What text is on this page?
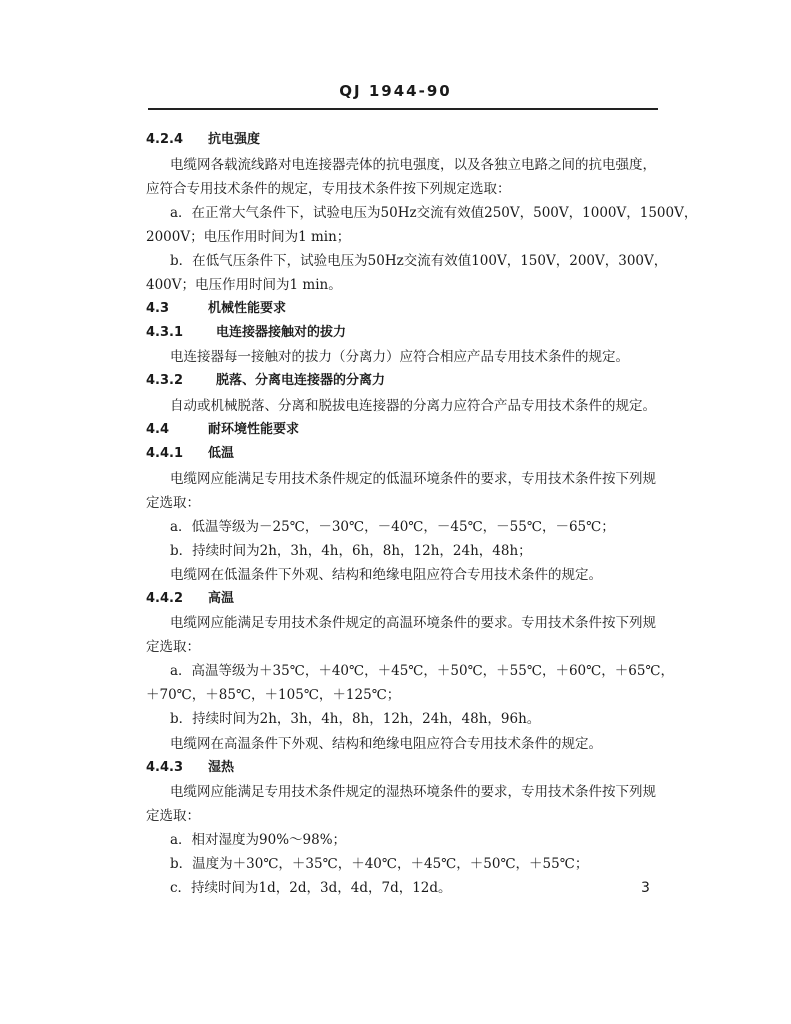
QJ 1944-90
4.2.4 抗电强度
电缆网各载流线路对电连接器壳体的抗电强度，以及各独立电路之间的抗电强度，
应符合专用技术条件的规定，专用技术条件按下列规定选取：
a．在正常大气条件下，试验电压为50Hz交流有效值250V，500V，1000V，1500V，
2000V；电压作用时间为1 min；
b．在低气压条件下，试验电压为50Hz交流有效值100V，150V，200V，300V，
400V；电压作用时间为1 min。
4.3	机械性能要求
4.3.1	电连接器接触对的拔力
电连接器每一接触对的拔力（分离力）应符合相应产品专用技术条件的规定。
4.3.2	脱落、分离电连接器的分离力
自动或机械脱落、分离和脱拔电连接器的分离力应符合产品专用技术条件的规定。
4.4	耐环境性能要求
4.4.1 低温
电缆网应能满足专用技术条件规定的低温环境条件的要求，专用技术条件按下列规
定选取：
a．低温等级为－25℃，－30℃，－40℃，－45℃，－55℃，－65℃；
b．持续时间为2h，3h，4h，6h，8h，12h，24h，48h；
电缆网在低温条件下外观、结构和绝缘电阻应符合专用技术条件的规定。
4.4.2 高温
电缆网应能满足专用技术条件规定的高温环境条件的要求。专用技术条件按下列规
定选取：
a．高温等级为＋35℃，＋40℃，＋45℃，＋50℃，＋55℃，＋60℃，＋65℃，
＋70℃，＋85℃，＋105℃，＋125℃；
b．持续时间为2h，3h，4h，8h，12h，24h，48h，96h。
电缆网在高温条件下外观、结构和绝缘电阻应符合专用技术条件的规定。
4.4.3 湿热
电缆网应能满足专用技术条件规定的湿热环境条件的要求，专用技术条件按下列规
定选取：
a．相对湿度为90%～98%；
b．温度为＋30℃，＋35℃，＋40℃，＋45℃，＋50℃，＋55℃；
c．持续时间为1d，2d，3d，4d，7d，12d。	3
